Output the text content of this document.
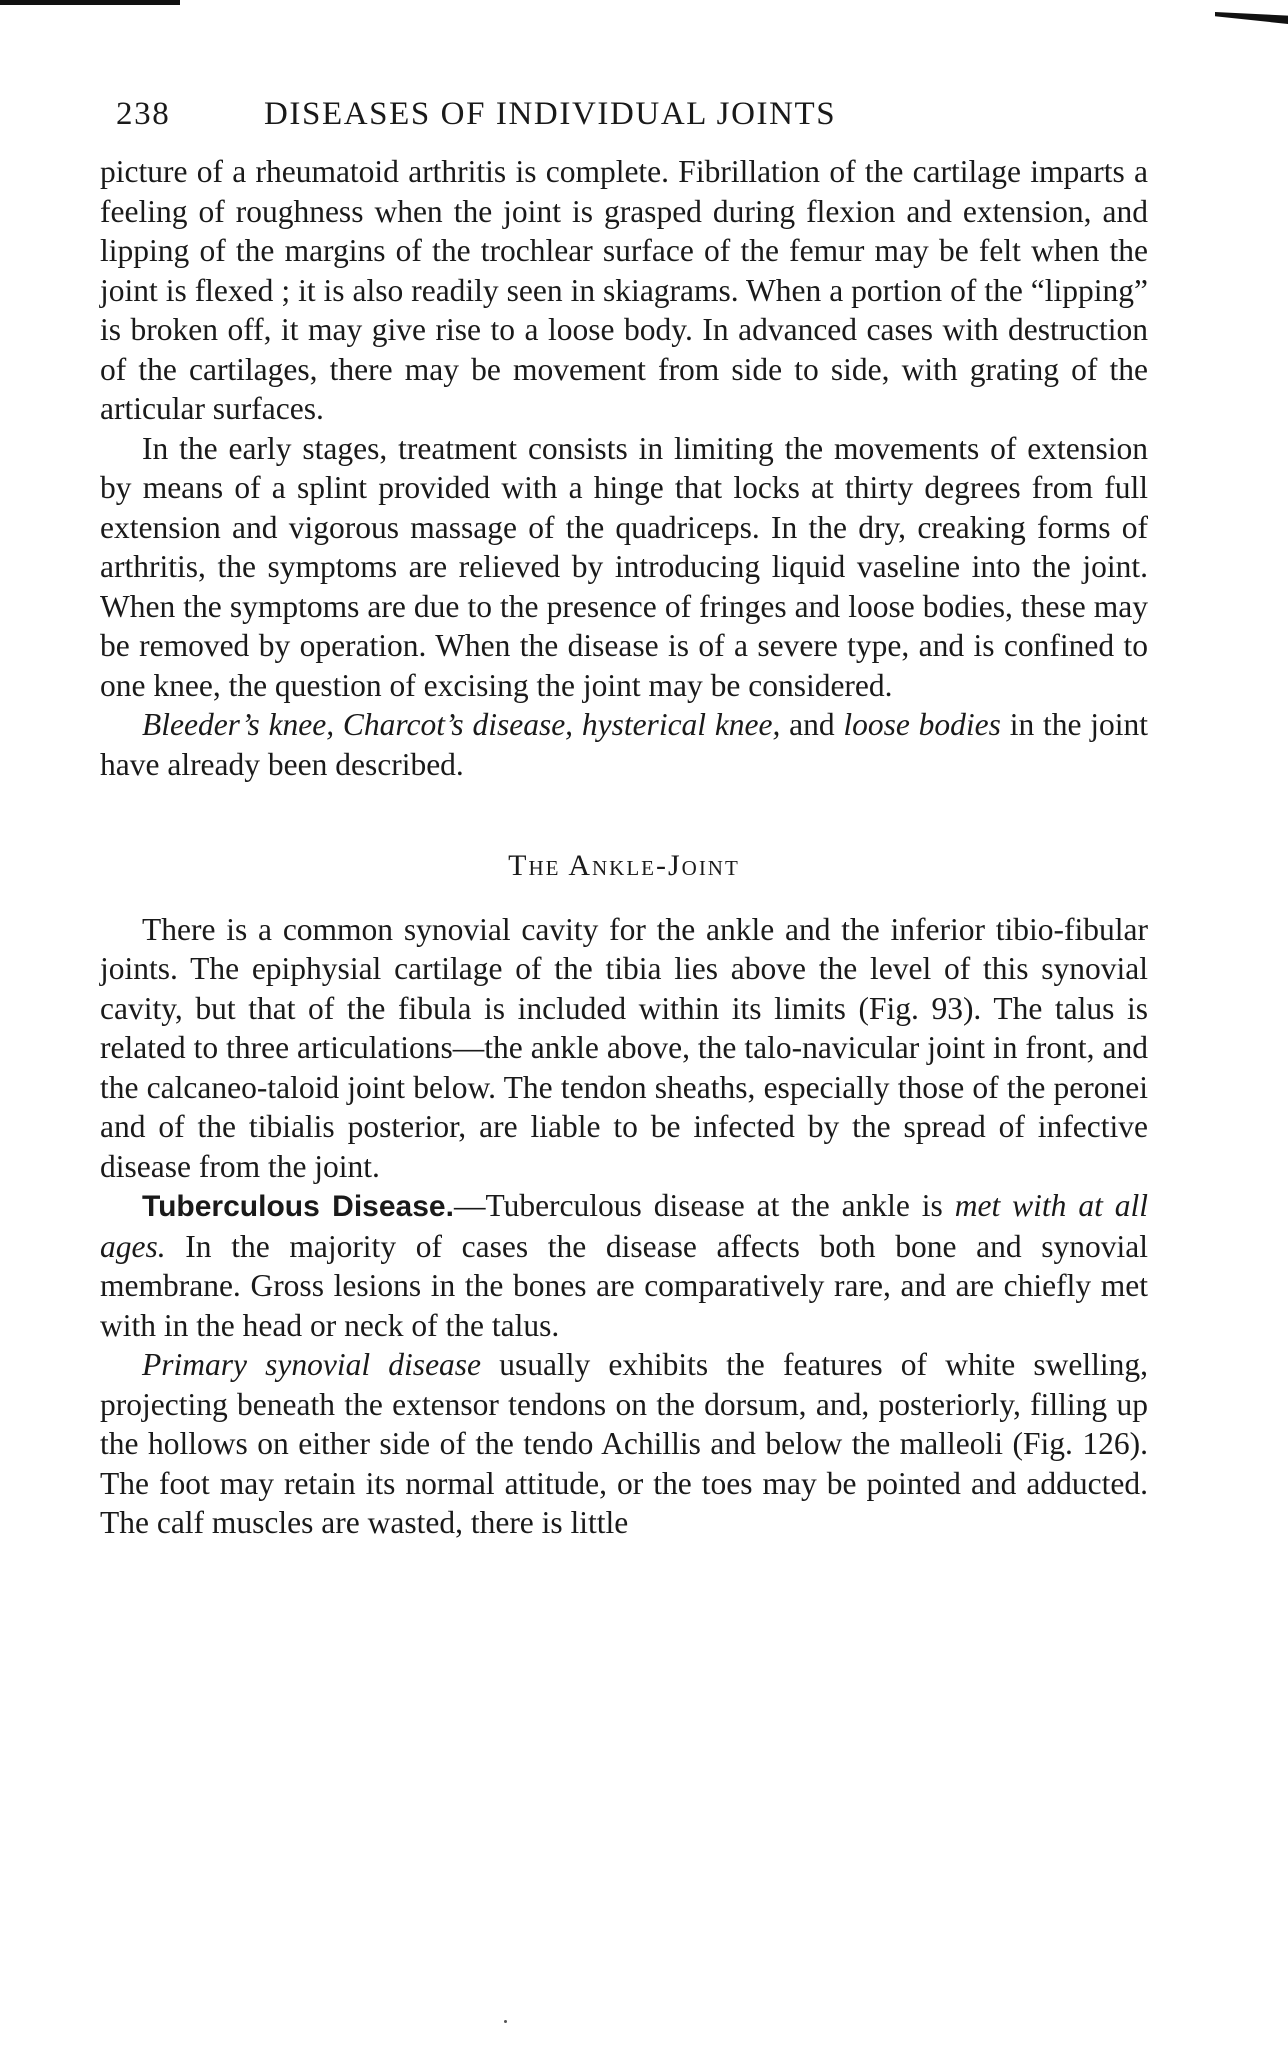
238	DISEASES OF INDIVIDUAL JOINTS

picture of a rheumatoid arthritis is complete. Fibrillation of the cartilage imparts a feeling of roughness when the joint is grasped during flexion and extension, and lipping of the margins of the trochlear surface of the femur may be felt when the joint is flexed ; it is also readily seen in skiagrams. When a portion of the “lipping” is broken off, it may give rise to a loose body. In advanced cases with destruction of the cartilages, there may be movement from side to side, with grating of the articular surfaces.

In the early stages, treatment consists in limiting the movements of extension by means of a splint provided with a hinge that locks at thirty degrees from full extension and vigorous massage of the quadriceps. In the dry, creaking forms of arthritis, the symptoms are relieved by introducing liquid vaseline into the joint. When the symptoms are due to the presence of fringes and loose bodies, these may be removed by operation. When the disease is of a severe type, and is confined to one knee, the question of excising the joint may be considered.

Bleeder’s knee, Charcot’s disease, hysterical knee, and loose bodies in the joint have already been described.

The Ankle-Joint

There is a common synovial cavity for the ankle and the inferior tibio-fibular joints. The epiphysial cartilage of the tibia lies above the level of this synovial cavity, but that of the fibula is included within its limits (Fig. 93). The talus is related to three articulations—the ankle above, the talo-navicular joint in front, and the calcaneo-taloid joint below. The tendon sheaths, especially those of the peronei and of the tibialis posterior, are liable to be infected by the spread of infective disease from the joint.

Tuberculous Disease.—Tuberculous disease at the ankle is met with at all ages. In the majority of cases the disease affects both bone and synovial membrane. Gross lesions in the bones are comparatively rare, and are chiefly met with in the head or neck of the talus.

Primary synovial disease usually exhibits the features of white swelling, projecting beneath the extensor tendons on the dorsum, and, posteriorly, filling up the hollows on either side of the tendo Achillis and below the malleoli (Fig. 126). The foot may retain its normal attitude, or the toes may be pointed and adducted. The calf muscles are wasted, there is little
